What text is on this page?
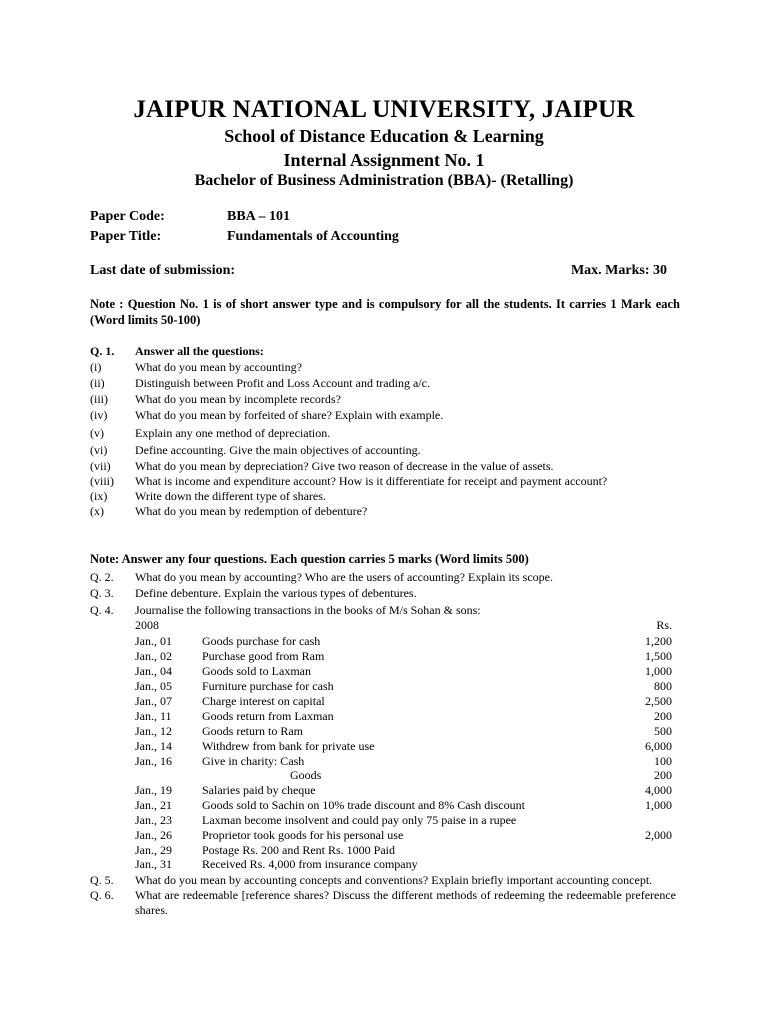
JAIPUR NATIONAL UNIVERSITY, JAIPUR
School of Distance Education & Learning
Internal Assignment No. 1
Bachelor of Business Administration (BBA)- (Retalling)
Paper Code:	BBA – 101
Paper Title:	Fundamentals of Accounting
Last date of submission:	Max. Marks: 30
Note : Question No. 1 is of short answer type and is compulsory for all the students. It carries 1 Mark each (Word limits 50-100)
Q. 1. Answer all the questions:
(i)	What do you mean by accounting?
(ii)	Distinguish between Profit and Loss Account and trading a/c.
(iii) What do you mean by incomplete records?
(iv) What do you mean by forfeited of share? Explain with example.
(v)	Explain any one method of depreciation.
(vi) Define accounting. Give the main objectives of accounting.
(vii) What do you mean by depreciation? Give two reason of decrease in the value of assets.
(viii) What is income and expenditure account? How is it differentiate for receipt and payment account?
(ix) Write down the different type of shares.
(x)	What do you mean by redemption of debenture?
Note: Answer any four questions. Each question carries 5 marks (Word limits 500)
Q. 2. What do you mean by accounting? Who are the users of accounting? Explain its scope.
Q. 3. Define debenture. Explain the various types of debentures.
Q. 4. Journalise the following transactions in the books of M/s Sohan & sons:
2008	Rs.
Jan., 01	Goods purchase for cash	1,200
Jan., 02	Purchase good from Ram	1,500
Jan., 04	Goods sold to Laxman	1,000
Jan., 05	Furniture purchase for cash	800
Jan., 07	Charge interest on capital	2,500
Jan., 11	Goods return from Laxman	200
Jan., 12	Goods return to Ram	500
Jan., 14	Withdrew from bank for private use	6,000
Jan., 16	Give in charity: Cash	100
Goods	200
Jan., 19	Salaries paid by cheque	4,000
Jan., 21	Goods sold to Sachin on 10% trade discount and 8% Cash discount	1,000
Jan., 23	Laxman become insolvent and could pay only 75 paise in a rupee
Jan., 26	Proprietor took goods for his personal use	2,000
Jan., 29	Postage Rs. 200 and Rent Rs. 1000 Paid
Jan., 31	Received Rs. 4,000 from insurance company
Q. 5. What do you mean by accounting concepts and conventions? Explain briefly important accounting concept.
Q. 6. What are redeemable [reference shares? Discuss the different methods of redeeming the redeemable preference shares.
